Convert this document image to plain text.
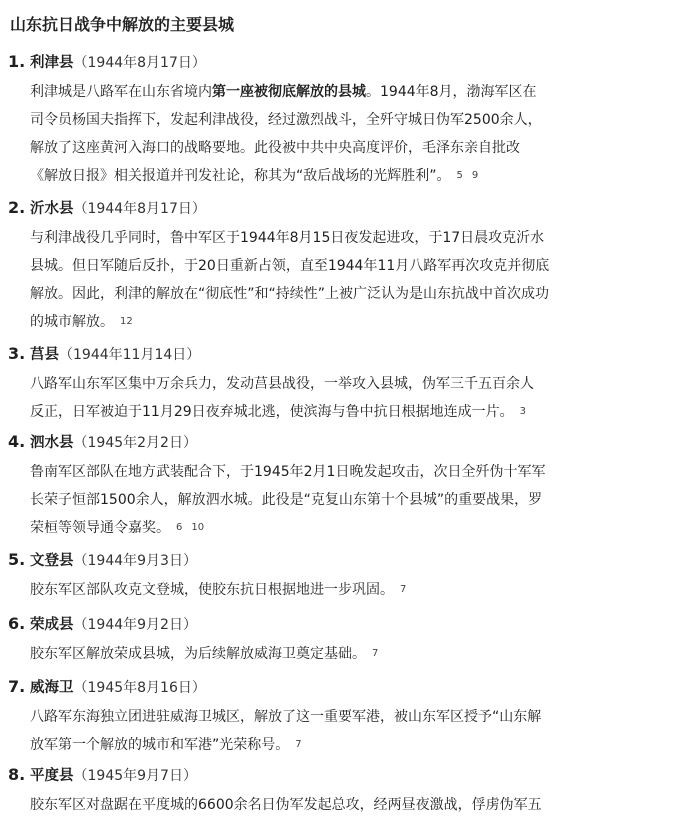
山东抗日战争中解放的主要县城
1. 利津县（1944年8月17日）
利津城是八路军在山东省境内第一座被彻底解放的县城。1944年8月，渤海军区在
司令员杨国夫指挥下，发起利津战役，经过激烈战斗，全歼守城日伪军2500余人，
解放了这座黄河入海口的战略要地。此役被中共中央高度评价，毛泽东亲自批改
《解放日报》相关报道并刊发社论，称其为“敌后战场的光辉胜利”。 5 9
2. 沂水县（1944年8月17日）
与利津战役几乎同时，鲁中军区于1944年8月15日夜发起进攻，于17日晨攻克沂水
县城。但日军随后反扑，于20日重新占领，直至1944年11月八路军再次攻克并彻底
解放。因此，利津的解放在“彻底性”和“持续性”上被广泛认为是山东抗战中首次成功
的城市解放。 12
3. 莒县（1944年11月14日）
八路军山东军区集中万余兵力，发动莒县战役，一举攻入县城，伪军三千五百余人
反正，日军被迫于11月29日夜弃城北逃，使滨海与鲁中抗日根据地连成一片。 3
4. 泗水县（1945年2月2日）
鲁南军区部队在地方武装配合下，于1945年2月1日晚发起攻击，次日全歼伪十军军
长荣子恒部1500余人，解放泗水城。此役是“克复山东第十个县城”的重要战果，罗
荣桓等领导通令嘉奖。 6 10
5. 文登县（1944年9月3日）
胶东军区部队攻克文登城，使胶东抗日根据地进一步巩固。 7
6. 荣成县（1944年9月2日）
胶东军区解放荣成县城，为后续解放威海卫奠定基础。 7
7. 威海卫（1945年8月16日）
八路军东海独立团进驻威海卫城区，解放了这一重要军港，被山东军区授予“山东解
放军第一个解放的城市和军港”光荣称号。 7
8. 平度县（1945年9月7日）
胶东军区对盘踞在平度城的6600余名日伪军发起总攻，经两昼夜激战，俘虏伪军五
